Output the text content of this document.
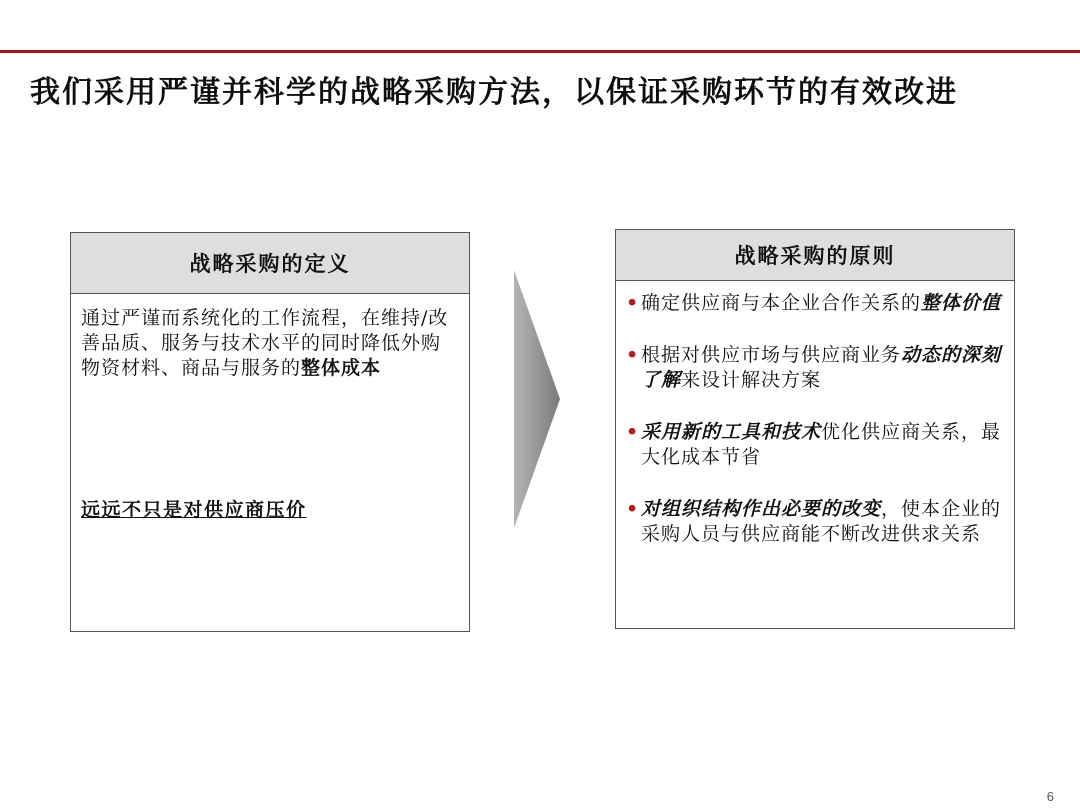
我们采用严谨并科学的战略采购方法，以保证采购环节的有效改进
战略采购的定义
通过严谨而系统化的工作流程，在维持/改善品质、服务与技术水平的同时降低外购物资材料、商品与服务的整体成本
远远不只是对供应商压价
战略采购的原则
• 确定供应商与本企业合作关系的整体价值
• 根据对供应市场与供应商业务动态的深刻了解来设计解决方案
• 采用新的工具和技术优化供应商关系，最大化成本节省
• 对组织结构作出必要的改变，使本企业的采购人员与供应商能不断改进供求关系
6
